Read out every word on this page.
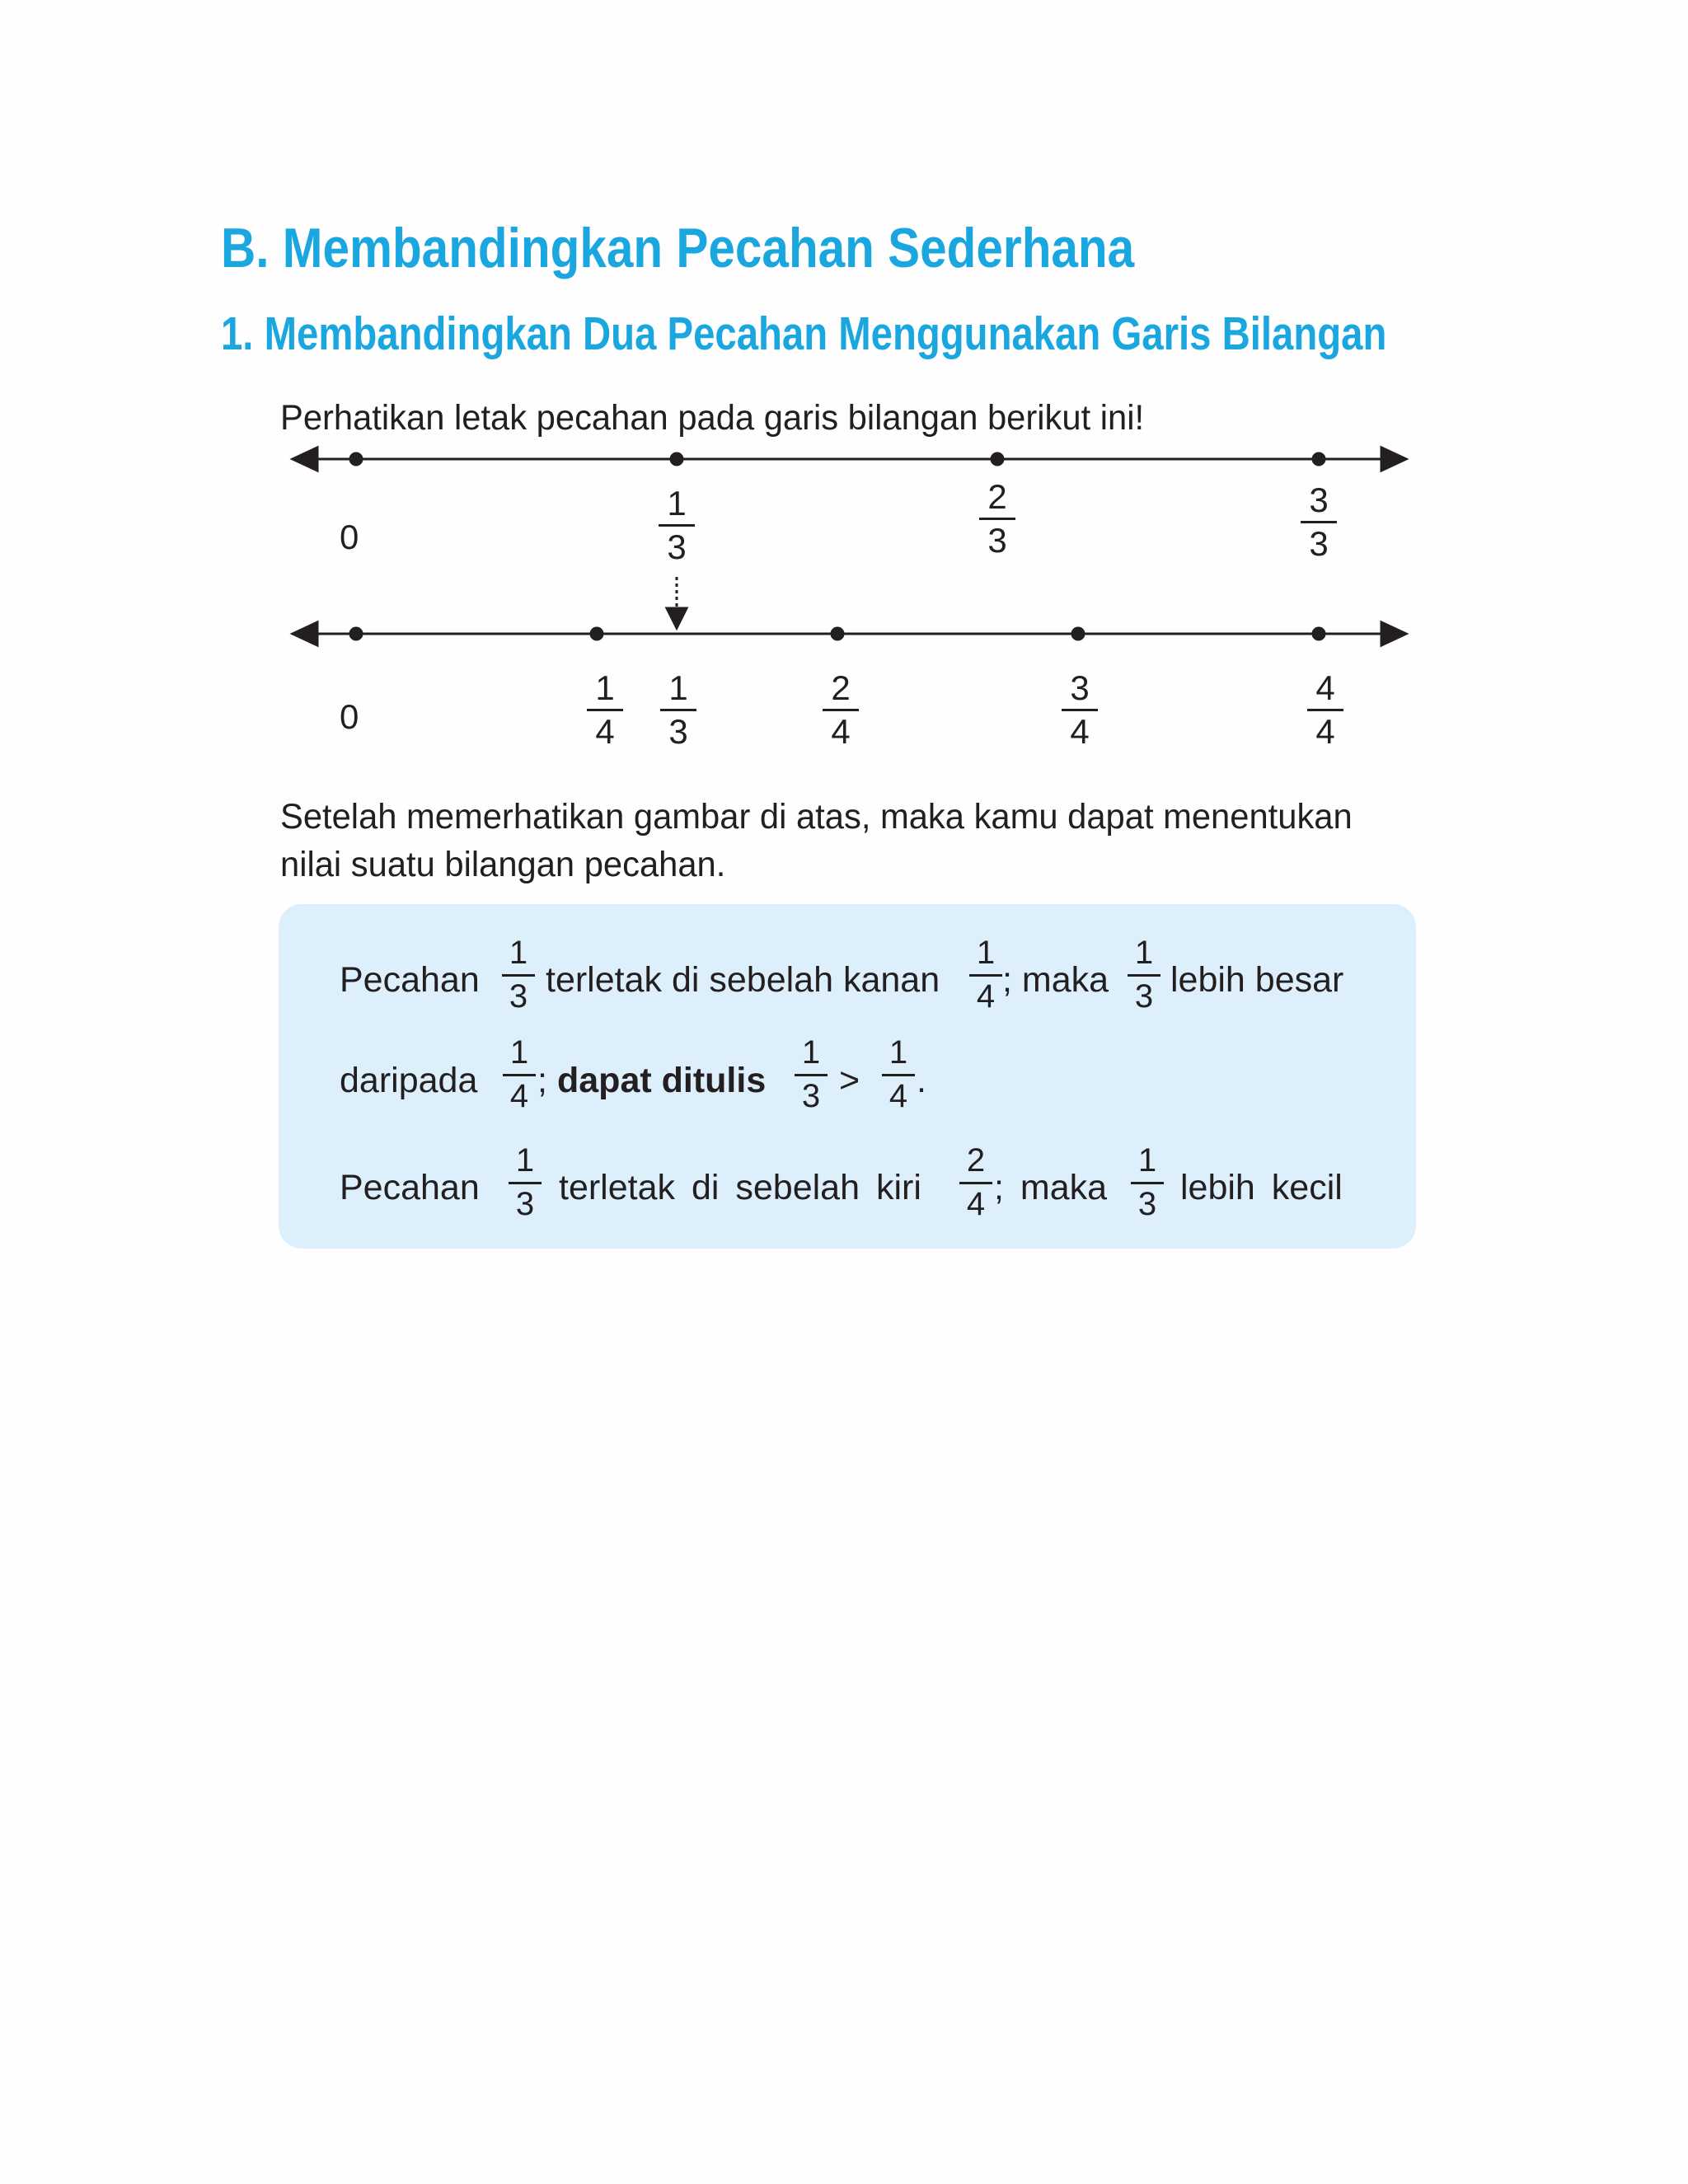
B. Membandingkan Pecahan Sederhana
1. Membandingkan Dua Pecahan Menggunakan Garis Bilangan
Perhatikan letak pecahan pada garis bilangan berikut ini!
0
1
3
2
3
3
3
0
1
4
1
3
2
4
3
4
4
4
Setelah memerhatikan gambar di atas, maka kamu dapat menentukan
nilai suatu bilangan pecahan.
Pecahan
1
3 terletak di sebelah kanan
1
4 ; maka
1
3 lebih besar
daripada
1
4 ; dapat ditulis
1
3 >
1
4 .
Pecahan
1
3 terletak di sebelah kiri
2
4 ; maka
1
3 lebih kecil
